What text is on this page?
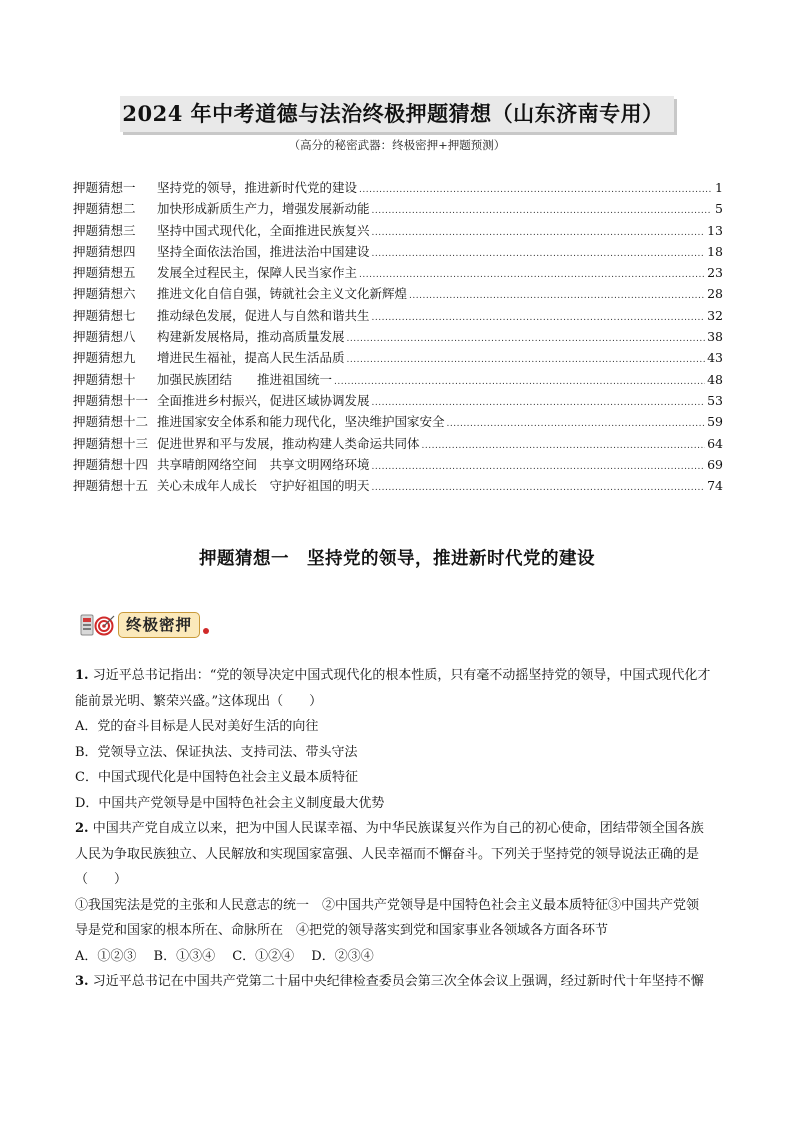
2024 年中考道德与法治终极押题猜想（山东济南专用）
（高分的秘密武器：终极密押+押题预测）
押题猜想一	坚持党的领导，推进新时代党的建设 .....	1
押题猜想二	加快形成新质生产力，增强发展新动能 .....	5
押题猜想三	坚持中国式现代化，全面推进民族复兴 .....	13
押题猜想四	坚持全面依法治国，推进法治中国建设 .....	18
押题猜想五	发展全过程民主，保障人民当家作主 .....	23
押题猜想六	推进文化自信自强，铸就社会主义文化新辉煌 .....	28
押题猜想七	推动绿色发展，促进人与自然和谐共生 .....	32
押题猜想八	构建新发展格局，推动高质量发展 .....	38
押题猜想九	增进民生福祉，提高人民生活品质 .....	43
押题猜想十	加强民族团结　　推进祖国统一 .....	48
押题猜想十一 全面推进乡村振兴，促进区域协调发展 .....	53
押题猜想十二 推进国家安全体系和能力现代化，坚决维护国家安全 .....	59
押题猜想十三 促进世界和平与发展，推动构建人类命运共同体 .....	64
押题猜想十四 共享晴朗网络空间　共享文明网络环境 .....	69
押题猜想十五 关心未成年人成长　守护好祖国的明天 .....	74
押题猜想一　坚持党的领导，推进新时代党的建设
终极密押
1. 习近平总书记指出：“党的领导决定中国式现代化的根本性质，只有毫不动摇坚持党的领导，中国式现代化才
能前景光明、繁荣兴盛。”这体现出（　　）
A．党的奋斗目标是人民对美好生活的向往
B．党领导立法、保证执法、支持司法、带头守法
C．中国式现代化是中国特色社会主义最本质特征
D．中国共产党领导是中国特色社会主义制度最大优势
2. 中国共产党自成立以来，把为中国人民谋幸福、为中华民族谋复兴作为自己的初心使命，团结带领全国各族
人民为争取民族独立、人民解放和实现国家富强、人民幸福而不懈奋斗。下列关于坚持党的领导说法正确的是
（　　）
①我国宪法是党的主张和人民意志的统一　②中国共产党领导是中国特色社会主义最本质特征③中国共产党领
导是党和国家的根本所在、命脉所在　④把党的领导落实到党和国家事业各领域各方面各环节
A．①②③　 B．①③④　 C．①②④　 D．②③④
3. 习近平总书记在中国共产党第二十届中央纪律检查委员会第三次全体会议上强调，经过新时代十年坚持不懈
